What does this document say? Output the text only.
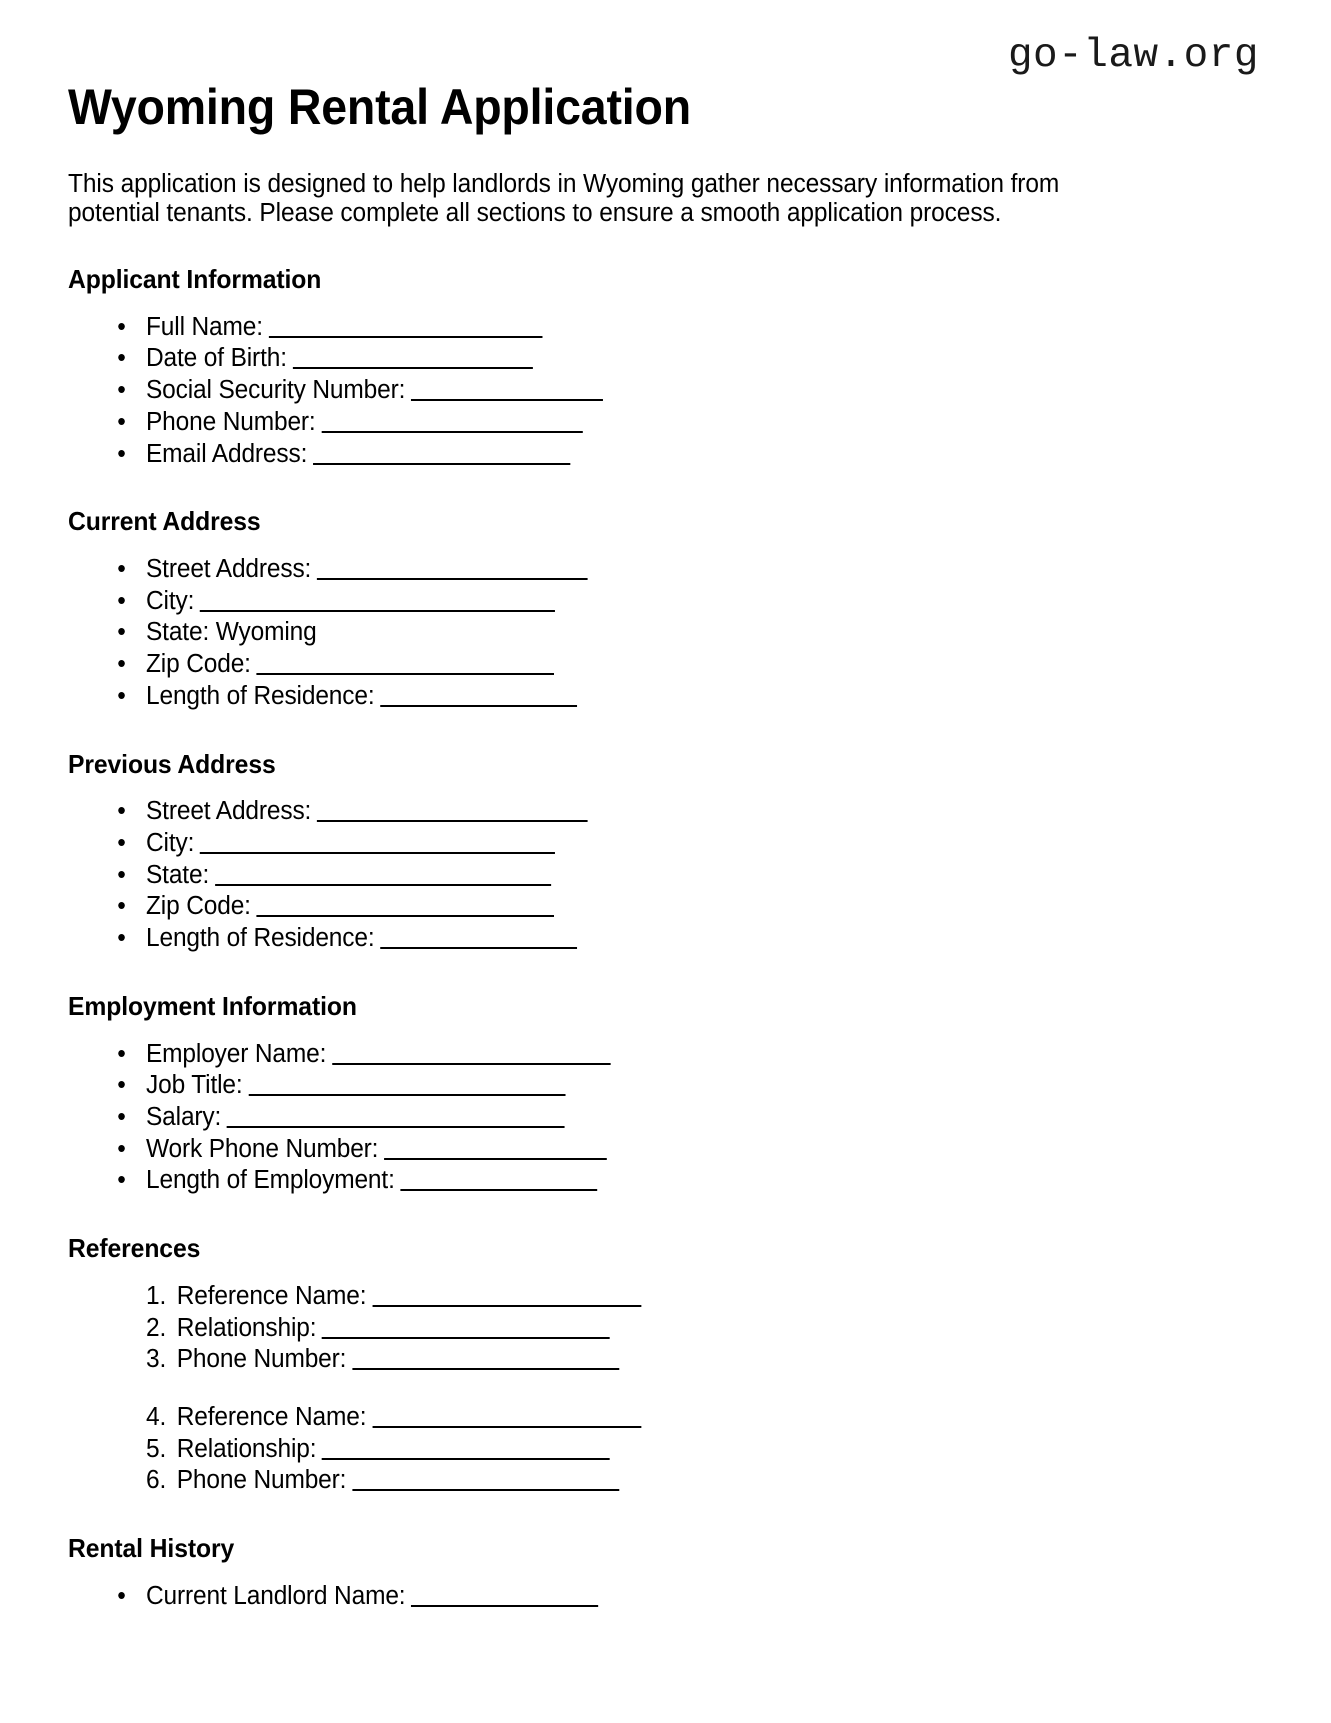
go-law.org
Wyoming Rental Application

This application is designed to help landlords in Wyoming gather necessary information from potential tenants. Please complete all sections to ensure a smooth application process.

Applicant Information
• Full Name:
• Date of Birth:
• Social Security Number:
• Phone Number:
• Email Address:
Current Address
• Street Address:
• City:
• State: Wyoming
• Zip Code:
• Length of Residence:
Previous Address
• Street Address:
• City:
• State:
• Zip Code:
• Length of Residence:
Employment Information
• Employer Name:
• Job Title:
• Salary:
• Work Phone Number:
• Length of Employment:
References
1. Reference Name:
2. Relationship:
3. Phone Number:
4. Reference Name:
5. Relationship:
6. Phone Number:
Rental History
• Current Landlord Name:
